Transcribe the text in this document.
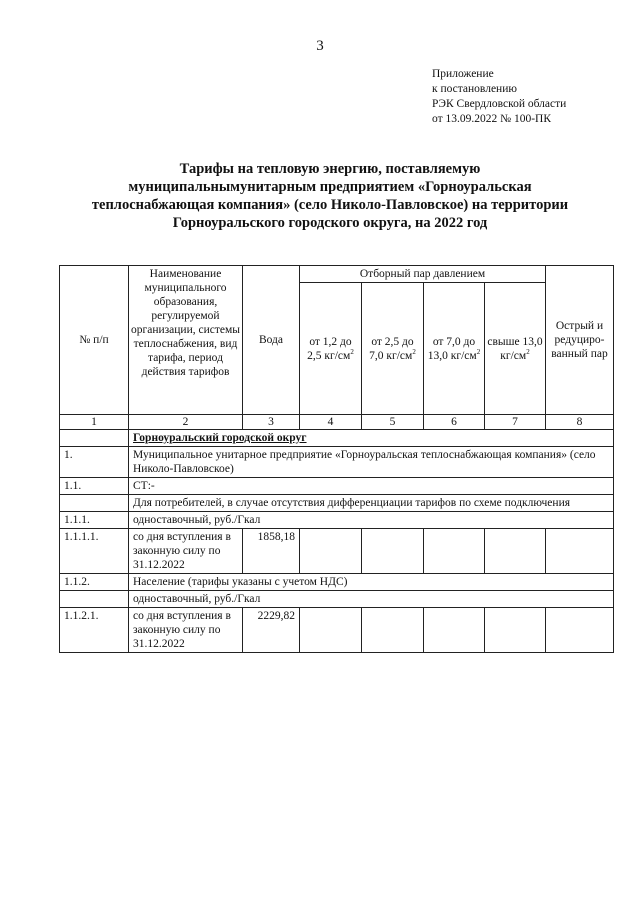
3
Приложение
к постановлению
РЭК Свердловской области
от 13.09.2022 № 100-ПК
Тарифы на тепловую энергию, поставляемую
муниципальнымунитарным предприятием «Горноуральская
теплоснабжающая компания» (село Николо-Павловское) на территории
Горноуральского городского округа, на 2022 год
№ п/п	Наименование муниципального образования, регулируемой организации, системы теплоснабжения, вид тарифа, период действия тарифов	Вода	Отборный пар давлением				Острый и редуциро-ванный пар
			от 1,2 до 2,5 $кг/см^2$	от 2,5 до 7,0 $кг/см^2$	от 7,0 до 13,0 $кг/см^2$	свыше 13,0 $кг/см^2$
1	2	3	4	5	6	7	8
	Горноуральский городской округ						
1.	Муниципальное унитарное предприятие «Горноуральская теплоснабжающая компания» (село Николо-Павловское)						
1.1.	СТ:-						
	Для потребителей, в случае отсутствия дифференциации тарифов по схеме подключения						
1.1.1.	одноставочный, руб./Гкал						
1.1.1.1.	со дня вступления в законную силу по 31.12.2022	1858,18					
1.1.2.	Население (тарифы указаны с учетом НДС)						
	одноставочный, руб./Гкал						
1.1.2.1.	со дня вступления в законную силу по 31.12.2022	2229,82					
